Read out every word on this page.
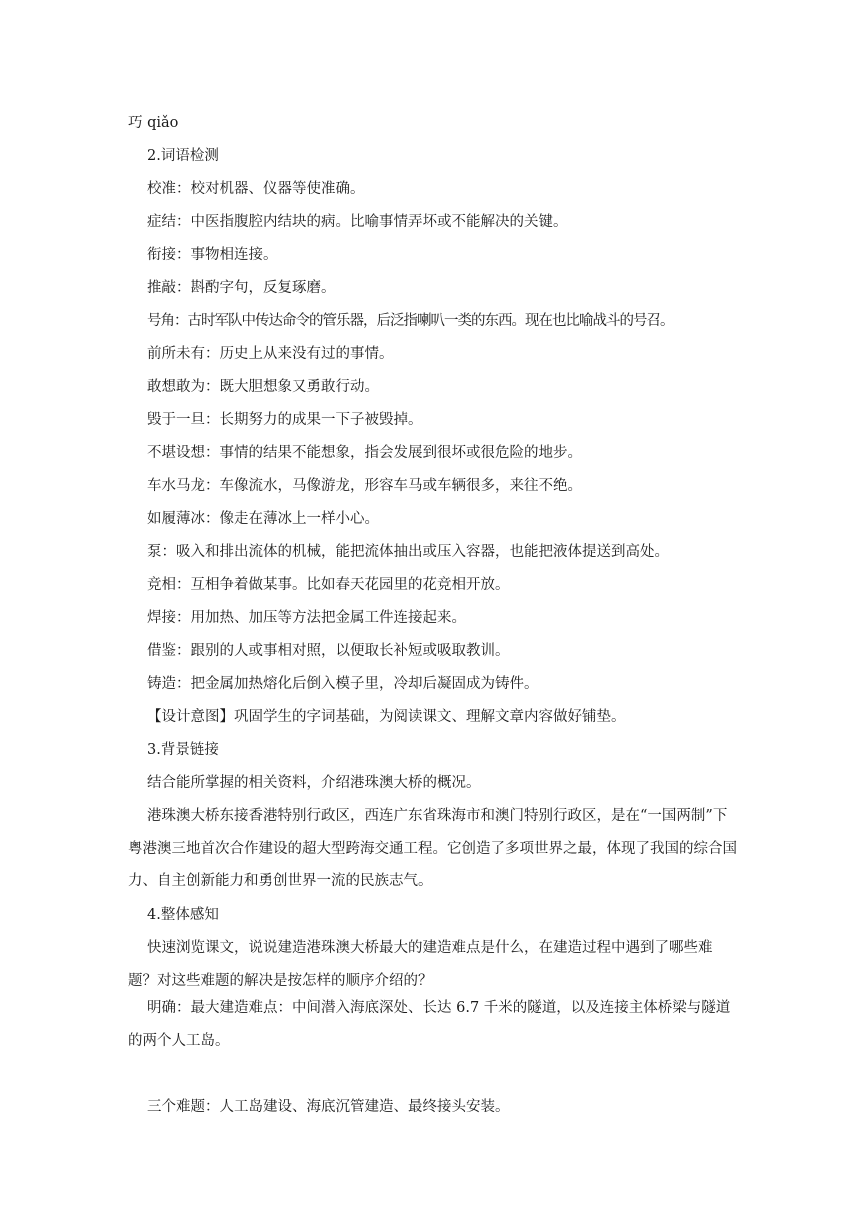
巧 qiǎo
2.词语检测
校准：校对机器、仪器等使准确。
症结：中医指腹腔内结块的病。比喻事情弄坏或不能解决的关键。
衔接：事物相连接。
推敲：斟酌字句，反复琢磨。
号角：古时军队中传达命令的管乐器，后泛指喇叭一类的东西。现在也比喻战斗的号召。
前所未有：历史上从来没有过的事情。
敢想敢为：既大胆想象又勇敢行动。
毁于一旦：长期努力的成果一下子被毁掉。
不堪设想：事情的结果不能想象，指会发展到很坏或很危险的地步。
车水马龙：车像流水，马像游龙，形容车马或车辆很多，来往不绝。
如履薄冰：像走在薄冰上一样小心。
泵：吸入和排出流体的机械，能把流体抽出或压入容器，也能把液体提送到高处。
竞相：互相争着做某事。比如春天花园里的花竞相开放。
焊接：用加热、加压等方法把金属工件连接起来。
借鉴：跟别的人或事相对照，以便取长补短或吸取教训。
铸造：把金属加热熔化后倒入模子里，冷却后凝固成为铸件。
【设计意图】巩固学生的字词基础，为阅读课文、理解文章内容做好铺垫。
3.背景链接
结合能所掌握的相关资料，介绍港珠澳大桥的概况。
港珠澳大桥东接香港特别行政区，西连广东省珠海市和澳门特别行政区，是在“一国两制”下粤港澳三地首次合作建设的超大型跨海交通工程。它创造了多项世界之最，体现了我国的综合国力、自主创新能力和勇创世界一流的民族志气。
4.整体感知
快速浏览课文，说说建造港珠澳大桥最大的建造难点是什么，在建造过程中遇到了哪些难题？对这些难题的解决是按怎样的顺序介绍的？
明确：最大建造难点：中间潜入海底深处、长达 6.7 千米的隧道，以及连接主体桥梁与隧道的两个人工岛。
三个难题：人工岛建设、海底沉管建造、最终接头安装。
